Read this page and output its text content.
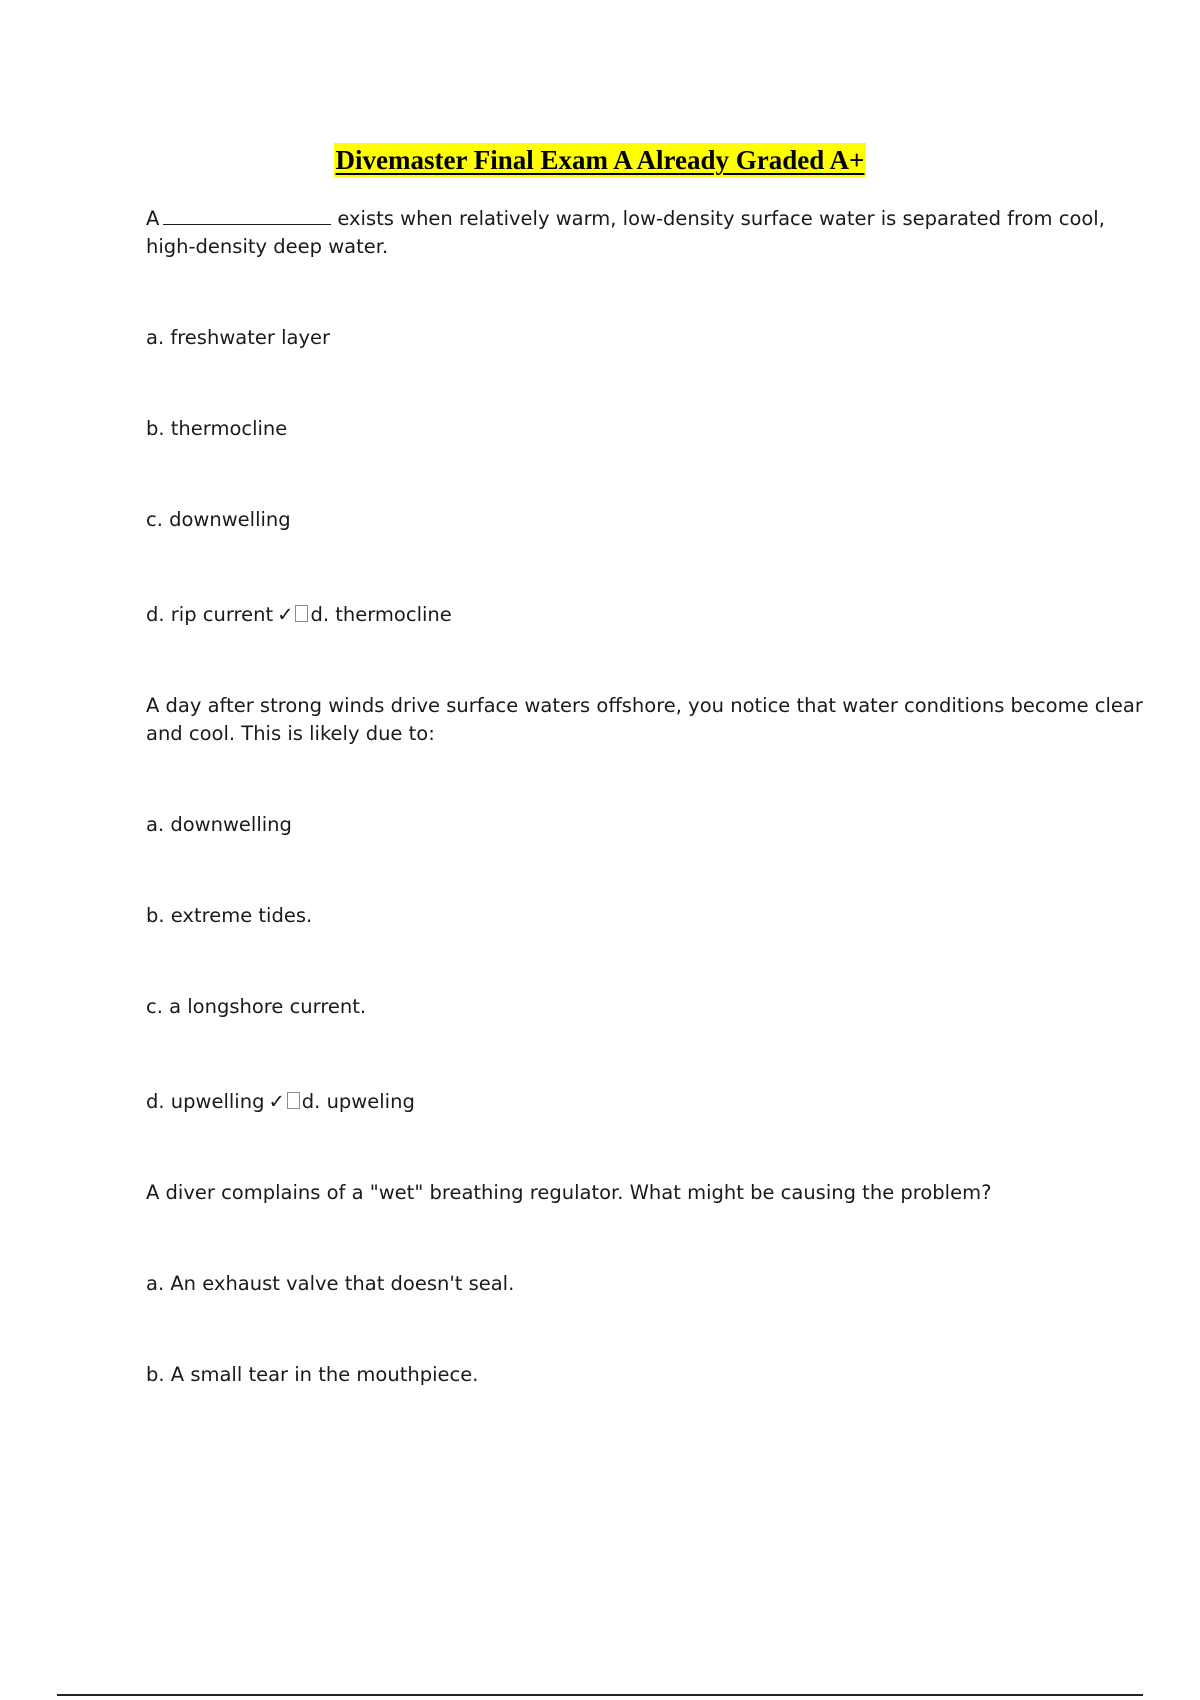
Divemaster Final Exam A Already Graded A+
A	exists when relatively warm, low-density surface water is separated from cool,
high-density deep water.
a. freshwater layer
b. thermocline
c. downwelling
d. rip current ✓ d. thermocline
A day after strong winds drive surface waters offshore, you notice that water conditions become clear
and cool. This is likely due to:
a. downwelling
b. extreme tides.
c. a longshore current.
d. upwelling ✓ d. upweling
A diver complains of a "wet" breathing regulator. What might be causing the problem?
a. An exhaust valve that doesn't seal.
b. A small tear in the mouthpiece.
